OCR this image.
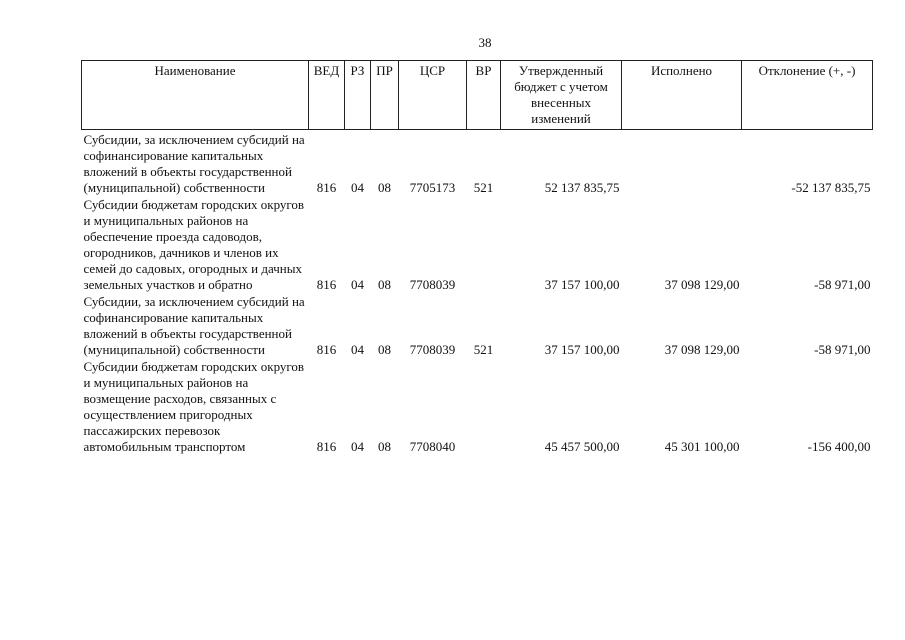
38
Наименование	ВЕД	РЗ	ПР	ЦСР	ВР	Утвержденный бюджет с учетом внесенных изменений	Исполнено	Отклонение (+, -)
Субсидии, за исключением субсидий на софинансирование капитальных вложений в объекты государственной (муниципальной) собственности	816	04	08	7705173	521	52 137 835,75		-52 137 835,75
Субсидии бюджетам городских округов и муниципальных районов на обеспечение проезда садоводов, огородников, дачников и членов их семей до садовых, огородных и дачных земельных участков и обратно	816	04	08	7708039		37 157 100,00	37 098 129,00	-58 971,00
Субсидии, за исключением субсидий на софинансирование капитальных вложений в объекты государственной (муниципальной) собственности	816	04	08	7708039	521	37 157 100,00	37 098 129,00	-58 971,00
Субсидии бюджетам городских округов и муниципальных районов на возмещение расходов, связанных с осуществлением пригородных пассажирских перевозок автомобильным транспортом	816	04	08	7708040		45 457 500,00	45 301 100,00	-156 400,00
